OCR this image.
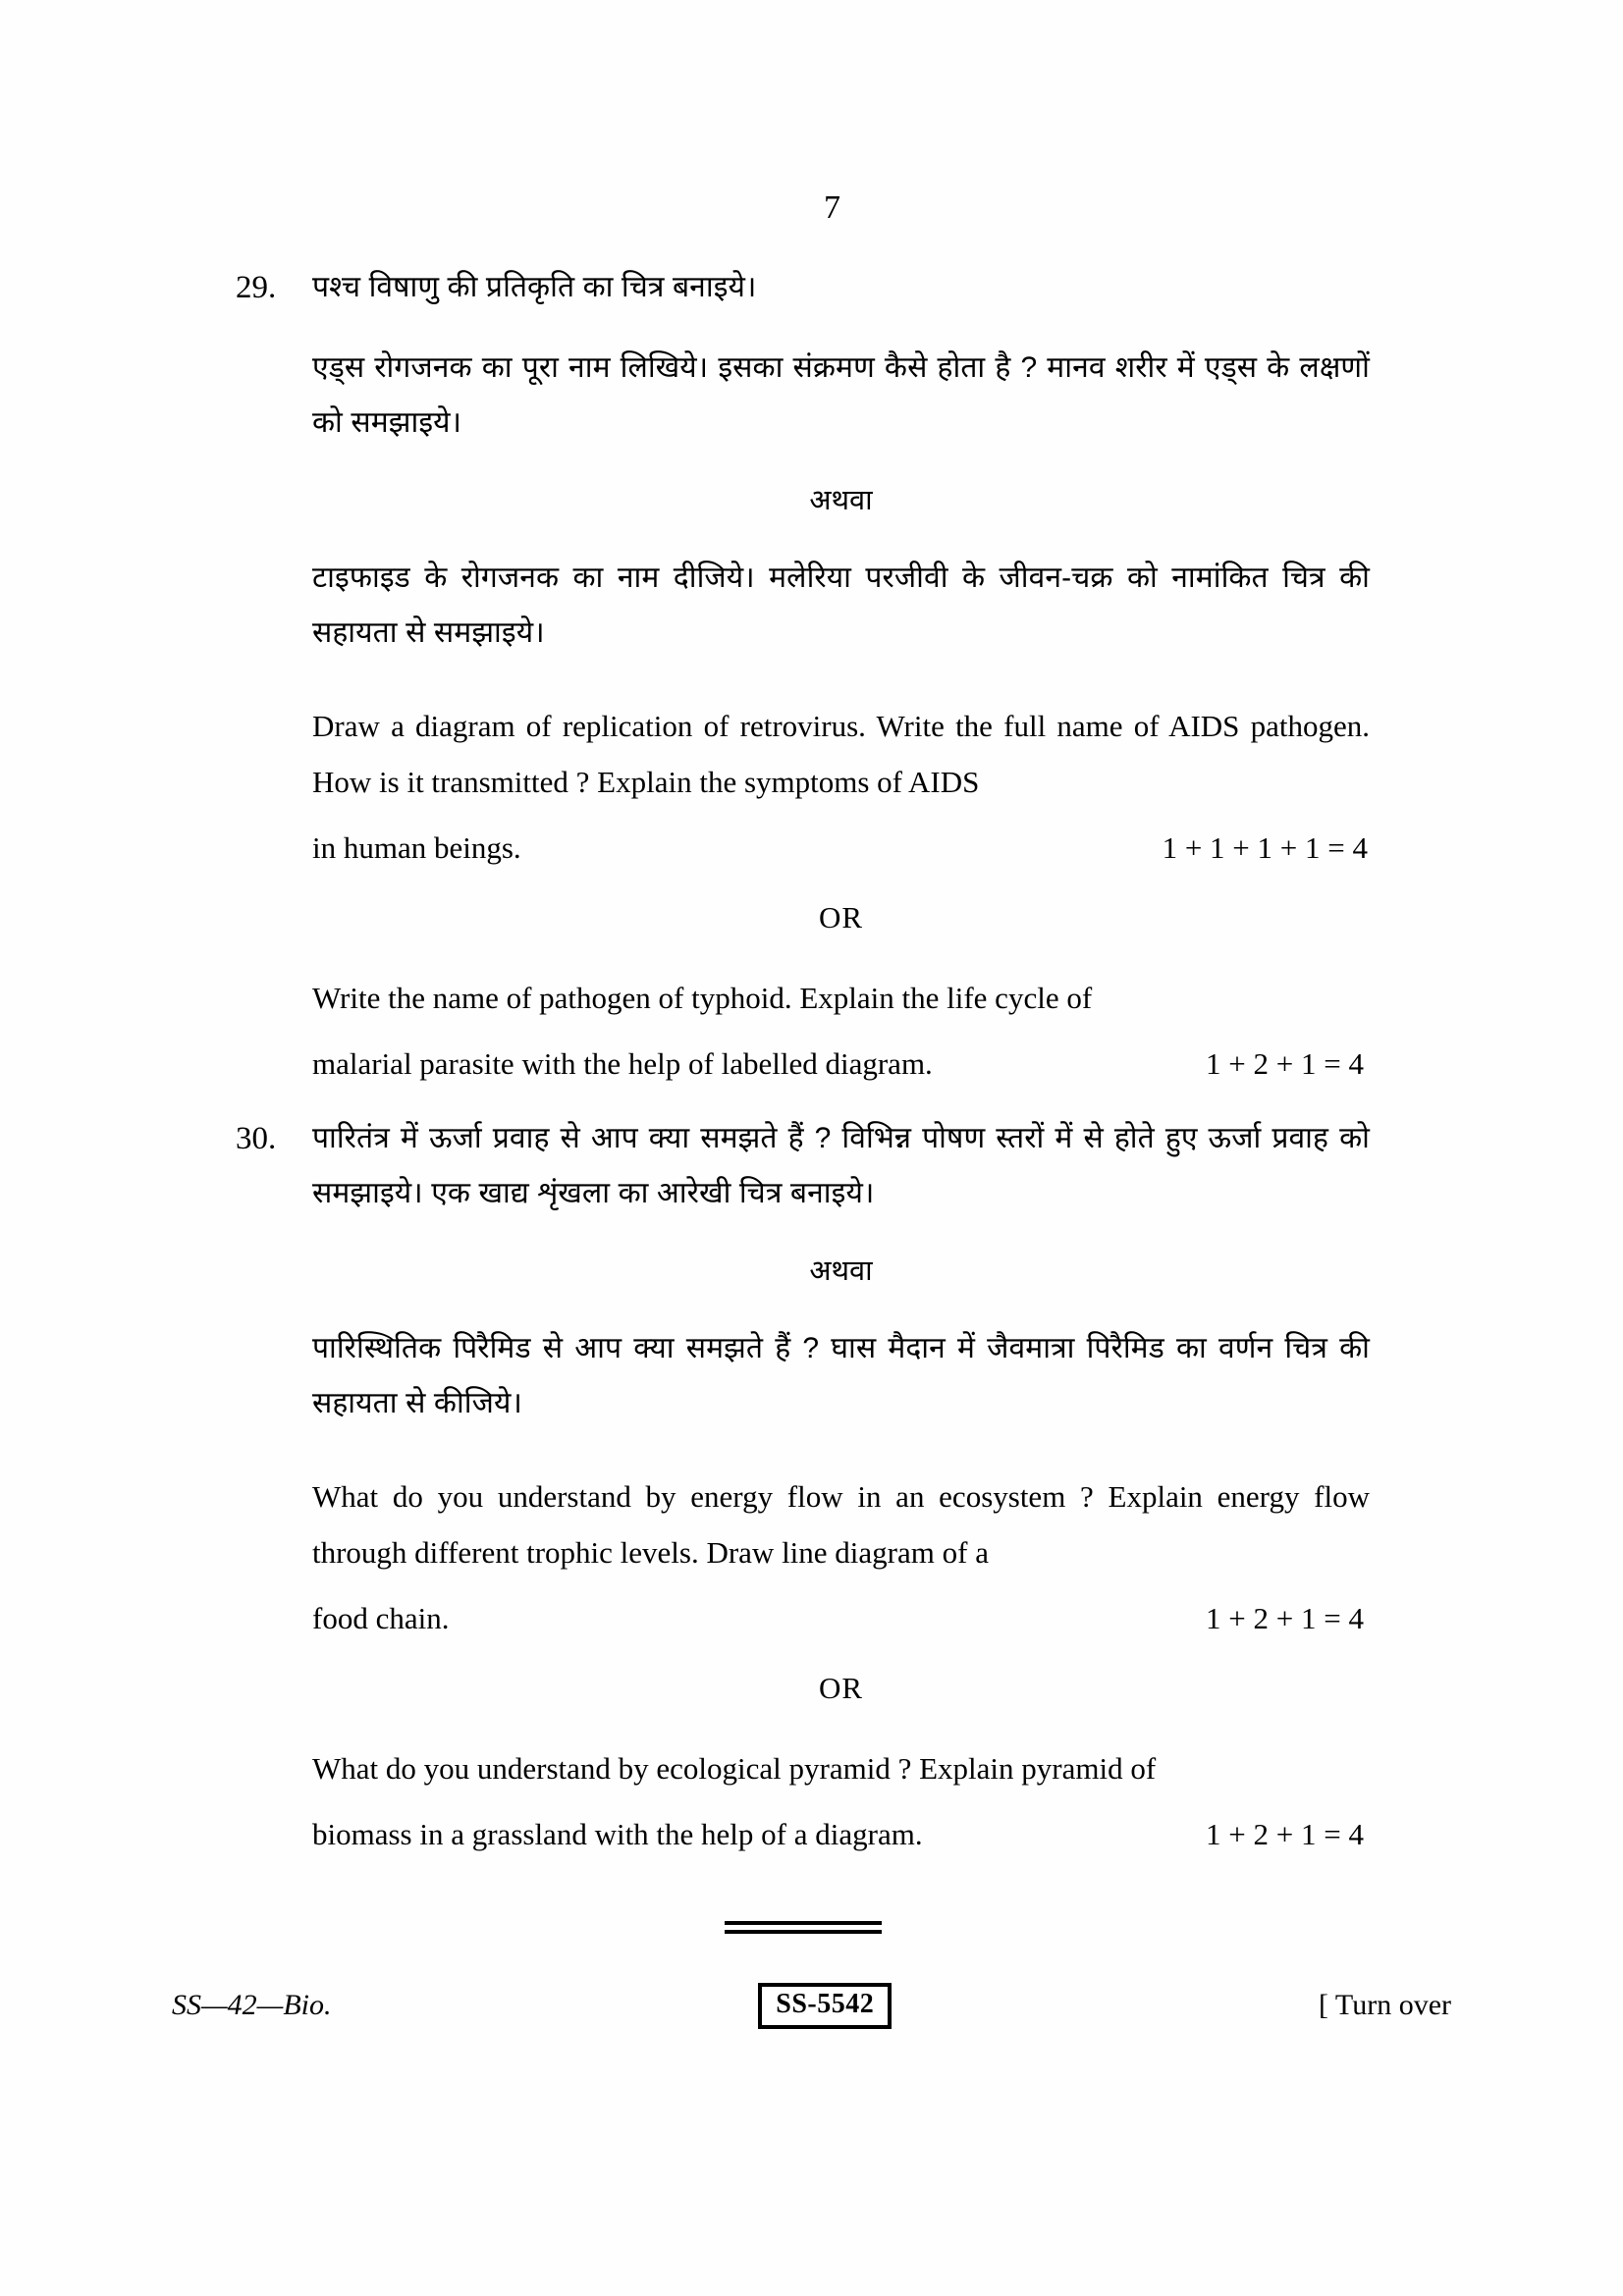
7
29.	पश्च विषाणु की प्रतिकृति का चित्र बनाइये।

एड्स रोगजनक का पूरा नाम लिखिये। इसका संक्रमण कैसे होता है ? मानव शरीर में एड्स के लक्षणों को समझाइये।

अथवा

टाइफाइड के रोगजनक का नाम दीजिये। मलेरिया परजीवी के जीवन-चक्र को नामांकित चित्र की सहायता से समझाइये।

Draw a diagram of replication of retrovirus. Write the full name of AIDS pathogen. How is it transmitted ? Explain the symptoms of AIDS

in human beings.	1 + 1 + 1 + 1 = 4
OR

Write the name of pathogen of typhoid. Explain the life cycle of

malarial parasite with the help of labelled diagram.	1 + 2 + 1 = 4
30.	पारितंत्र में ऊर्जा प्रवाह से आप क्या समझते हैं ? विभिन्न पोषण स्तरों में से होते हुए ऊर्जा प्रवाह को समझाइये। एक खाद्य शृंखला का आरेखी चित्र बनाइये।

अथवा

पारिस्थितिक पिरैमिड से आप क्या समझते हैं ? घास मैदान में जैवमात्रा पिरैमिड का वर्णन चित्र की सहायता से कीजिये।

What do you understand by energy flow in an ecosystem ? Explain energy flow through different trophic levels. Draw line diagram of a

food chain.	1 + 2 + 1 = 4
OR

What do you understand by ecological pyramid ? Explain pyramid of

biomass in a grassland with the help of a diagram.	1 + 2 + 1 = 4
SS—42—Bio.	SS-5542	[ Turn over
